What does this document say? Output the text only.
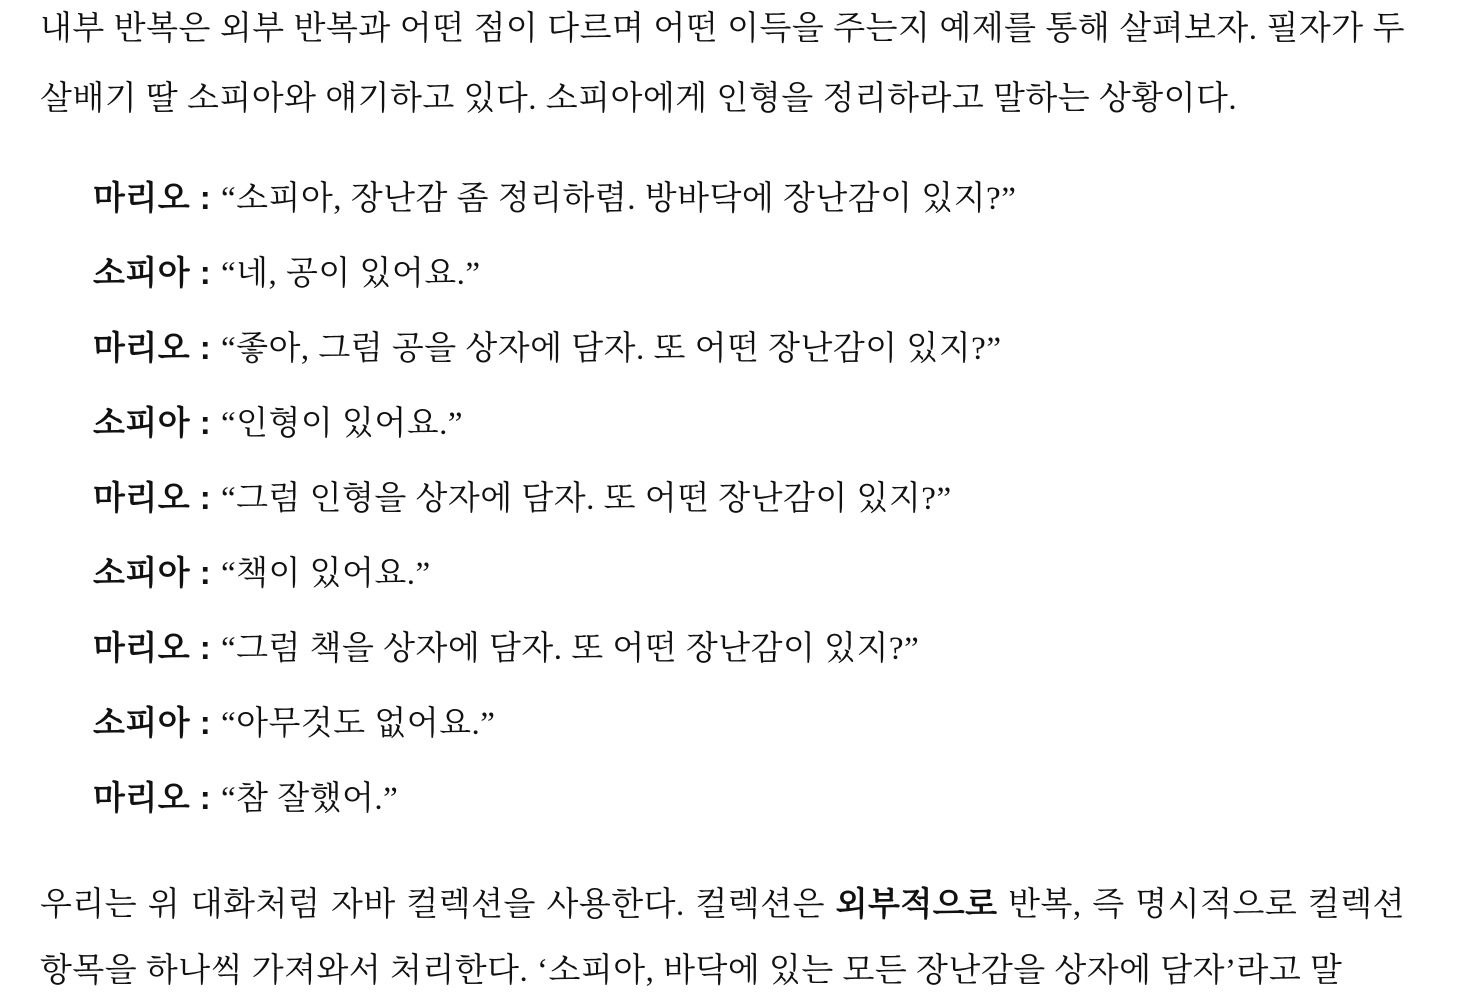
내부 반복은 외부 반복과 어떤 점이 다르며 어떤 이득을 주는지 예제를 통해 살펴보자. 필자가 두 살배기 딸 소피아와 얘기하고 있다. 소피아에게 인형을 정리하라고 말하는 상황이다.

마리오 : “소피아, 장난감 좀 정리하렴. 방바닥에 장난감이 있지?”
소피아 : “네, 공이 있어요.”
마리오 : “좋아, 그럼 공을 상자에 담자. 또 어떤 장난감이 있지?”
소피아 : “인형이 있어요.”
마리오 : “그럼 인형을 상자에 담자. 또 어떤 장난감이 있지?”
소피아 : “책이 있어요.”
마리오 : “그럼 책을 상자에 담자. 또 어떤 장난감이 있지?”
소피아 : “아무것도 없어요.”
마리오 : “참 잘했어.”

우리는 위 대화처럼 자바 컬렉션을 사용한다. 컬렉션은 외부적으로 반복, 즉 명시적으로 컬렉션 항목을 하나씩 가져와서 처리한다. ‘소피아, 바닥에 있는 모든 장난감을 상자에 담자’라고 말
